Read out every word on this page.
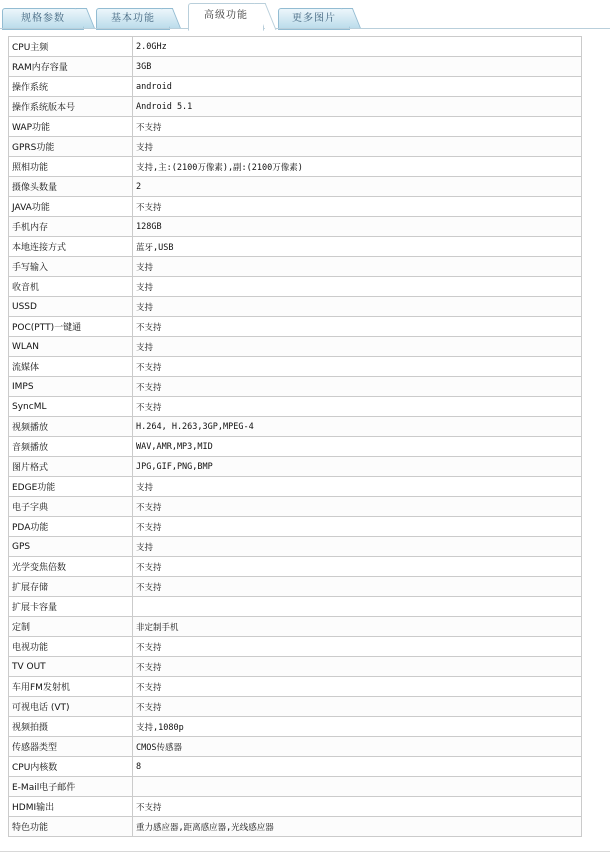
规格参数	基本功能	高级功能	更多图片
CPU主频	2.0GHz
RAM内存容量	3GB
操作系统	android
操作系统版本号	Android 5.1
WAP功能	不支持
GPRS功能	支持
照相功能	支持,主:(2100万像素),副:(2100万像素)
摄像头数量	2
JAVA功能	不支持
手机内存	128GB
本地连接方式	蓝牙,USB
手写输入	支持
收音机	支持
USSD	支持
POC(PTT)一键通	不支持
WLAN	支持
流媒体	不支持
IMPS	不支持
SyncML	不支持
视频播放	H.264, H.263,3GP,MPEG-4
音频播放	WAV,AMR,MP3,MID
图片格式	JPG,GIF,PNG,BMP
EDGE功能	支持
电子字典	不支持
PDA功能	不支持
GPS	支持
光学变焦倍数	不支持
扩展存储	不支持
扩展卡容量	
定制	非定制手机
电视功能	不支持
TV OUT	不支持
车用FM发射机	不支持
可视电话 (VT)	不支持
视频拍摄	支持,1080p
传感器类型	CMOS传感器
CPU内核数	8
E-Mail电子邮件	
HDMI输出	不支持
特色功能	重力感应器,距离感应器,光线感应器
